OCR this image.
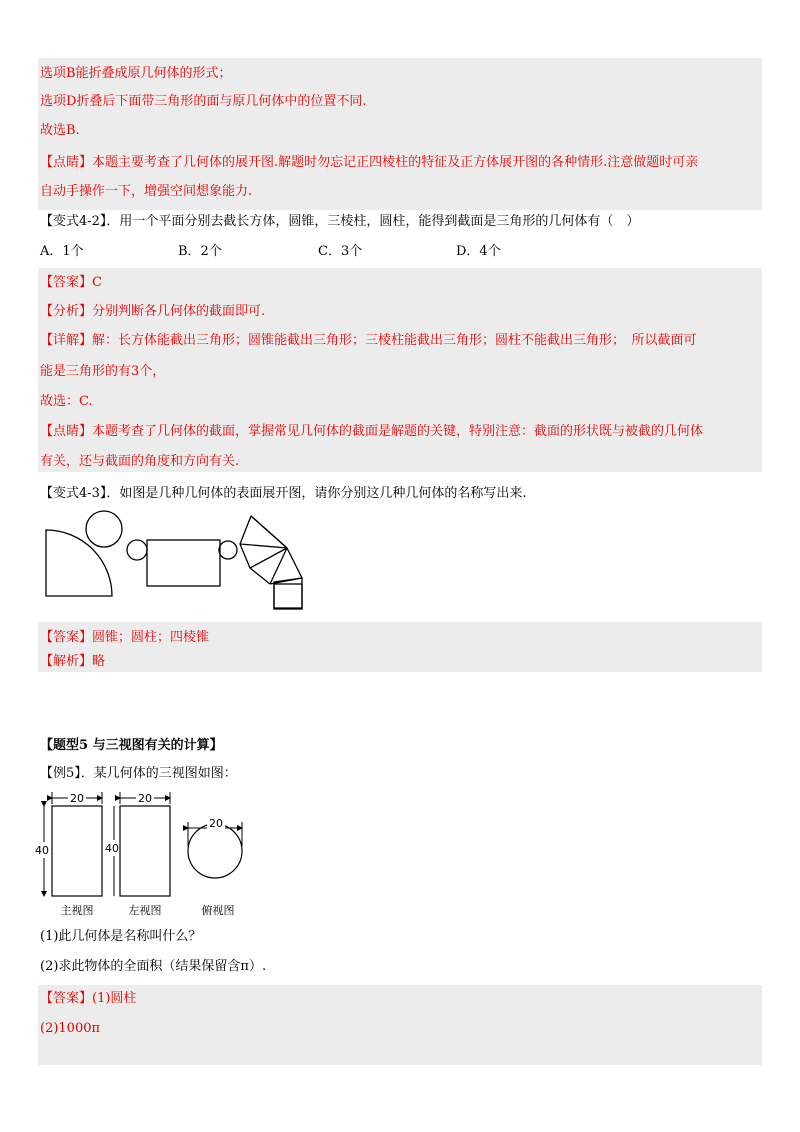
选项B能折叠成原几何体的形式；
选项D折叠后下面带三角形的面与原几何体中的位置不同.
故选B.
【点睛】本题主要考查了几何体的展开图.解题时勿忘记正四棱柱的特征及正方体展开图的各种情形.注意做题时可亲
自动手操作一下，增强空间想象能力.
【变式4-2】．用一个平面分别去截长方体，圆锥，三棱柱，圆柱，能得到截面是三角形的几何体有（　）
A．1个	B．2个	C．3个	D．4个
【答案】C
【分析】分别判断各几何体的截面即可.
【详解】解：长方体能截出三角形；圆锥能截出三角形；三棱柱能截出三角形；圆柱不能截出三角形；　所以截面可
能是三角形的有3个，
故选：C.
【点睛】本题考查了几何体的截面，掌握常见几何体的截面是解题的关键，特别注意：截面的形状既与被截的几何体
有关，还与截面的角度和方向有关.
【变式4-3】．如图是几种几何体的表面展开图，请你分别这几种几何体的名称写出来.
【答案】圆锥；圆柱；四棱锥
【解析】略
【题型5 与三视图有关的计算】
【例5】．某几何体的三视图如图：
20
40
主视图
20
40
左视图
20
俯视图
(1)此几何体是名称叫什么？
(2)求此物体的全面积（结果保留含π）.
【答案】(1)圆柱
(2)1000π
